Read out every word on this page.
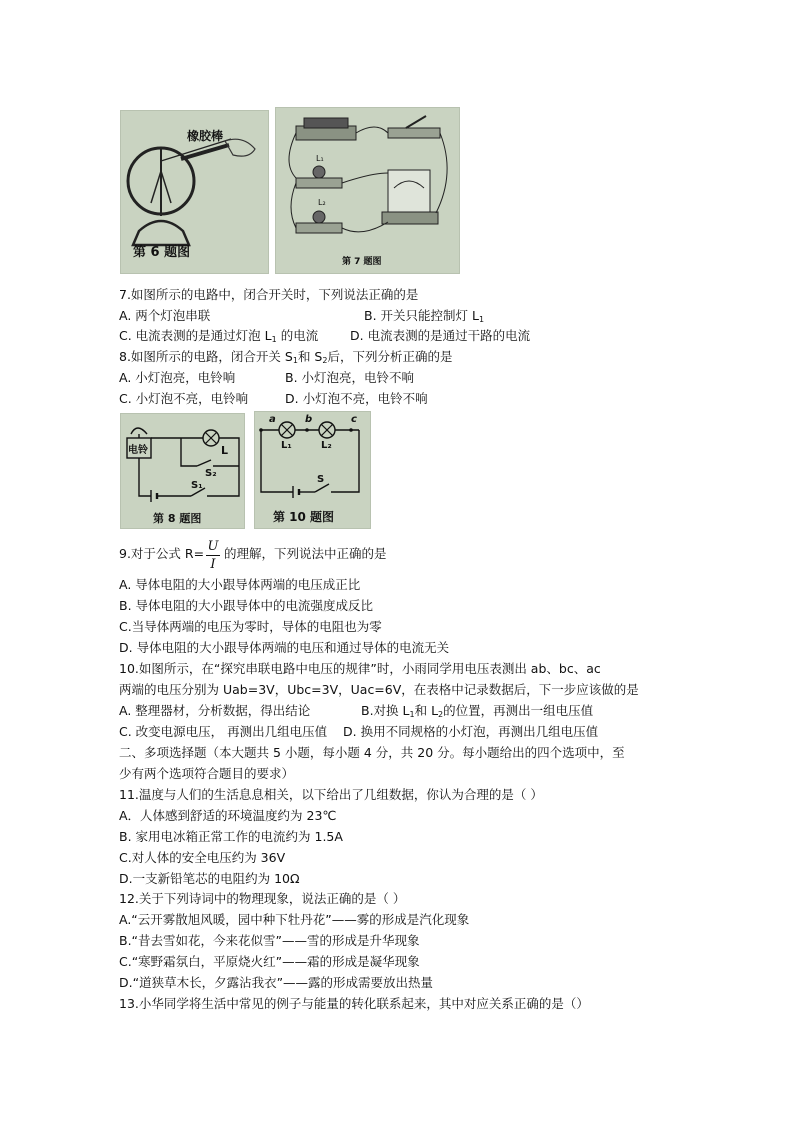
橡胶棒
第 6 题图
L₁
L₂
第 7 题图
7.如图所示的电路中，闭合开关时，下列说法正确的是
A. 两个灯泡串联	B. 开关只能控制灯 $L_1$
C. 电流表测的是通过灯泡 $L_1$ 的电流	D. 电流表测的是通过干路的电流
8.如图所示的电路，闭合开关 $S_1$和 $S_2$后，下列分析正确的是
A. 小灯泡亮，电铃响	B. 小灯泡亮，电铃不响
C. 小灯泡不亮，电铃响	D. 小灯泡不亮，电铃不响
电铃	L
S₂
S₁
第 8 题图
a	b	c
L₁	L₂
S
第 10 题图
9.对于公式 R= U
I
的理解，下列说法中正确的是
A. 导体电阻的大小跟导体两端的电压成正比
B. 导体电阻的大小跟导体中的电流强度成反比
C.当导体两端的电压为零时，导体的电阻也为零
D. 导体电阻的大小跟导体两端的电压和通过导体的电流无关
10.如图所示，在“探究串联电路中电压的规律”时，小雨同学用电压表测出 ab、bc、ac
两端的电压分别为 Uab=3V，Ubc=3V，Uac=6V，在表格中记录数据后，下一步应该做的是
A. 整理器材，分析数据，得出结论	B.对换 $L_1$和 $L_2$的位置，再测出一组电压值
C. 改变电源电压， 再测出几组电压值 D. 换用不同规格的小灯泡，再测出几组电压值
二、多项选择题（本大题共 5 小题，每小题 4 分，共 20 分。每小题给出的四个选项中，至
少有两个选项符合题目的要求）
11.温度与人们的生活息息相关，以下给出了几组数据，你认为合理的是（ ）
A．人体感到舒适的环境温度约为 23℃
B. 家用电冰箱正常工作的电流约为 1.5A
C.对人体的安全电压约为 36V
D.一支新铅笔芯的电阻约为 10Ω
12.关于下列诗词中的物理现象，说法正确的是（ ）
A.“云开雾散旭风暖，园中种下牡丹花”——雾的形成是汽化现象
B.“昔去雪如花，今来花似雪”——雪的形成是升华现象
C.“寒野霜氛白，平原烧火红”——霜的形成是凝华现象
D.“道狭草木长，夕露沾我衣”——露的形成需要放出热量
13.小华同学将生活中常见的例子与能量的转化联系起来，其中对应关系正确的是（）
